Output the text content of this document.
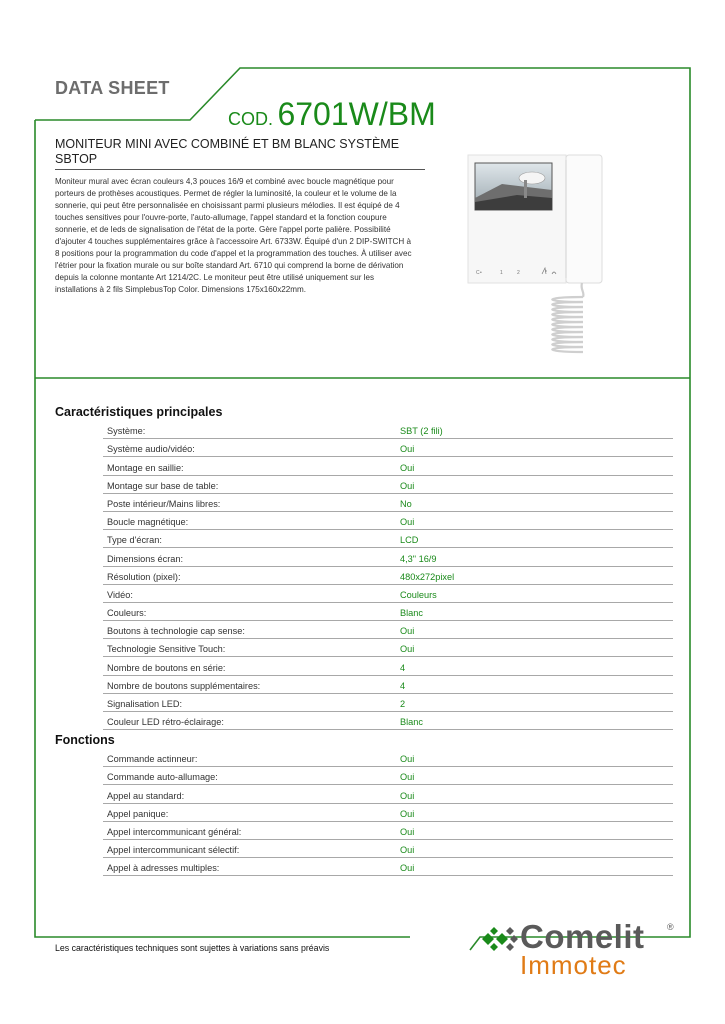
DATA SHEET
COD. 6701W/BM
MONITEUR MINI AVEC COMBINÉ ET BM BLANC SYSTÈME SBTOP
Moniteur mural avec écran couleurs 4,3 pouces 16/9 et combiné avec boucle magnétique pour porteurs de prothèses acoustiques. Permet de régler la luminosité, la couleur et le volume de la sonnerie, qui peut être personnalisée en choisissant parmi plusieurs mélodies. Il est équipé de 4 touches sensitives pour l'ouvre-porte, l'auto-allumage, l'appel standard et la fonction coupure sonnerie, et de leds de signalisation de l'état de la porte. Gère l'appel porte palière. Possibilité d'ajouter 4 touches supplémentaires grâce à l'accessoire Art. 6733W. Équipé d'un 2 DIP-SWITCH à 8 positions pour la programmation du code d'appel et la programmation des touches. À utiliser avec l'étrier pour la fixation murale ou sur boîte standard Art. 6710 qui comprend la borne de dérivation depuis la colonne montante Art 1214/2C. Le moniteur peut être utilisé uniquement sur les installations à 2 fils SimplebusTop Color. Dimensions 175x160x22mm.
C •	1	2
Caractéristiques principales
Système:	SBT (2 fili)
Système audio/vidéo:	Oui
Montage en saillie:	Oui
Montage sur base de table:	Oui
Poste intérieur/Mains libres:	No
Boucle magnétique:	Oui
Type d'écran:	LCD
Dimensions écran:	4,3" 16/9
Résolution (pixel):	480x272pixel
Vidéo:	Couleurs
Couleurs:	Blanc
Boutons à technologie cap sense:	Oui
Technologie Sensitive Touch:	Oui
Nombre de boutons en série:	4
Nombre de boutons supplémentaires:	4
Signalisation LED:	2
Couleur LED rétro-éclairage:	Blanc
Fonctions
Commande actinneur:	Oui
Commande auto-allumage:	Oui
Appel au standard:	Oui
Appel panique:	Oui
Appel intercommunicant général:	Oui
Appel intercommunicant sélectif:	Oui
Appel à adresses multiples:	Oui
Les caractéristiques techniques sont sujettes à variations sans préavis	Comelit ®
Immotec
